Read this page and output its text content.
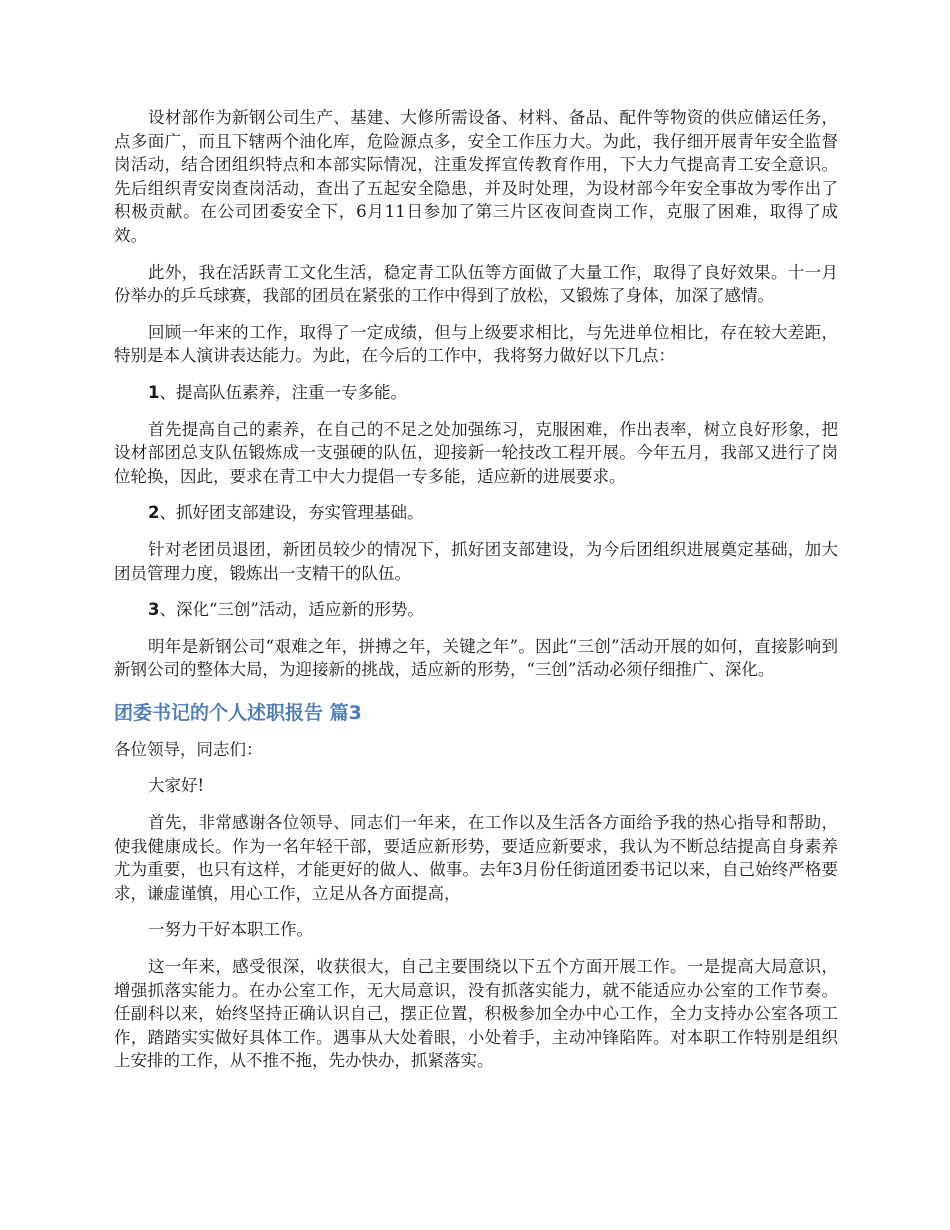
设材部作为新钢公司生产、基建、大修所需设备、材料、备品、配件等物资的供应储运任务，点多面广，而且下辖两个油化库，危险源点多，安全工作压力大。为此，我仔细开展青年安全监督岗活动，结合团组织特点和本部实际情况，注重发挥宣传教育作用，下大力气提高青工安全意识。先后组织青安岗查岗活动，查出了五起安全隐患，并及时处理，为设材部今年安全事故为零作出了积极贡献。在公司团委安全下，6月11日参加了第三片区夜间查岗工作，克服了困难，取得了成效。

此外，我在活跃青工文化生活，稳定青工队伍等方面做了大量工作，取得了良好效果。十一月份举办的乒乓球赛，我部的团员在紧张的工作中得到了放松，又锻炼了身体，加深了感情。

回顾一年来的工作，取得了一定成绩，但与上级要求相比，与先进单位相比，存在较大差距，特别是本人演讲表达能力。为此，在今后的工作中，我将努力做好以下几点：

1、提高队伍素养，注重一专多能。

首先提高自己的素养，在自己的不足之处加强练习，克服困难，作出表率，树立良好形象，把设材部团总支队伍锻炼成一支强硬的队伍，迎接新一轮技改工程开展。今年五月，我部又进行了岗位轮换，因此，要求在青工中大力提倡一专多能，适应新的进展要求。

2、抓好团支部建设，夯实管理基础。

针对老团员退团，新团员较少的情况下，抓好团支部建设，为今后团组织进展奠定基础，加大团员管理力度，锻炼出一支精干的队伍。

3、深化“三创”活动，适应新的形势。

明年是新钢公司“艰难之年，拼搏之年，关键之年”。因此“三创”活动开展的如何，直接影响到新钢公司的整体大局，为迎接新的挑战，适应新的形势，“三创”活动必须仔细推广、深化。

团委书记的个人述职报告 篇3

各位领导，同志们：

大家好!

首先，非常感谢各位领导、同志们一年来，在工作以及生活各方面给予我的热心指导和帮助，使我健康成长。作为一名年轻干部，要适应新形势，要适应新要求，我认为不断总结提高自身素养尤为重要，也只有这样，才能更好的做人、做事。去年3月份任街道团委书记以来，自己始终严格要求，谦虚谨慎，用心工作，立足从各方面提高，

一努力干好本职工作。

这一年来，感受很深，收获很大，自己主要围绕以下五个方面开展工作。一是提高大局意识，增强抓落实能力。在办公室工作，无大局意识，没有抓落实能力，就不能适应办公室的工作节奏。任副科以来，始终坚持正确认识自己，摆正位置，积极参加全办中心工作，全力支持办公室各项工作，踏踏实实做好具体工作。遇事从大处着眼，小处着手，主动冲锋陷阵。对本职工作特别是组织上安排的工作，从不推不拖，先办快办，抓紧落实。
